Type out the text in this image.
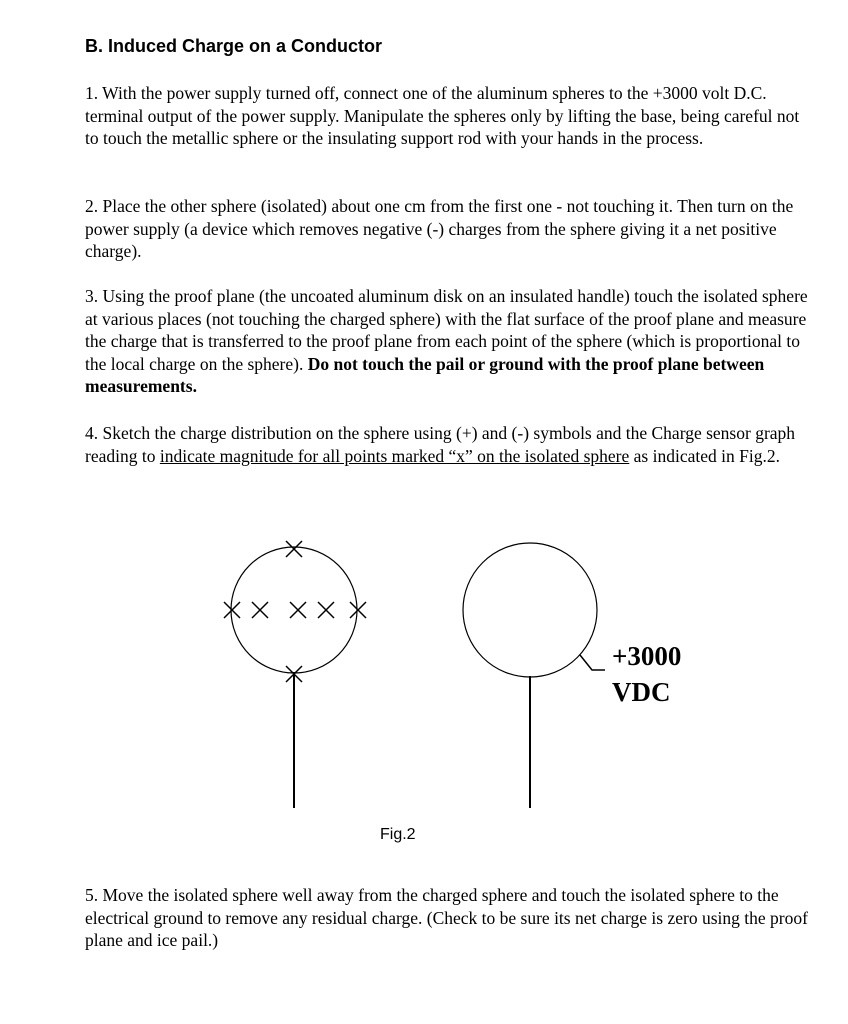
B. Induced Charge on a Conductor

1. With the power supply turned off, connect one of the aluminum spheres to the +3000 volt D.C. terminal output of the power supply. Manipulate the spheres only by lifting the base, being careful not to touch the metallic sphere or the insulating support rod with your hands in the process.

2. Place the other sphere (isolated) about one cm from the first one - not touching it. Then turn on the power supply (a device which removes negative (-) charges from the sphere giving it a net positive charge).

3. Using the proof plane (the uncoated aluminum disk on an insulated handle) touch the isolated sphere at various places (not touching the charged sphere) with the flat surface of the proof plane and measure the charge that is transferred to the proof plane from each point of the sphere (which is proportional to the local charge on the sphere). Do not touch the pail or ground with the proof plane between measurements.

4. Sketch the charge distribution on the sphere using (+) and (-) symbols and the Charge sensor graph reading to indicate magnitude for all points marked “x” on the isolated sphere as indicated in Fig.2.

+3000
VDC
Fig.2

5. Move the isolated sphere well away from the charged sphere and touch the isolated sphere to the electrical ground to remove any residual charge. (Check to be sure its net charge is zero using the proof plane and ice pail.)
